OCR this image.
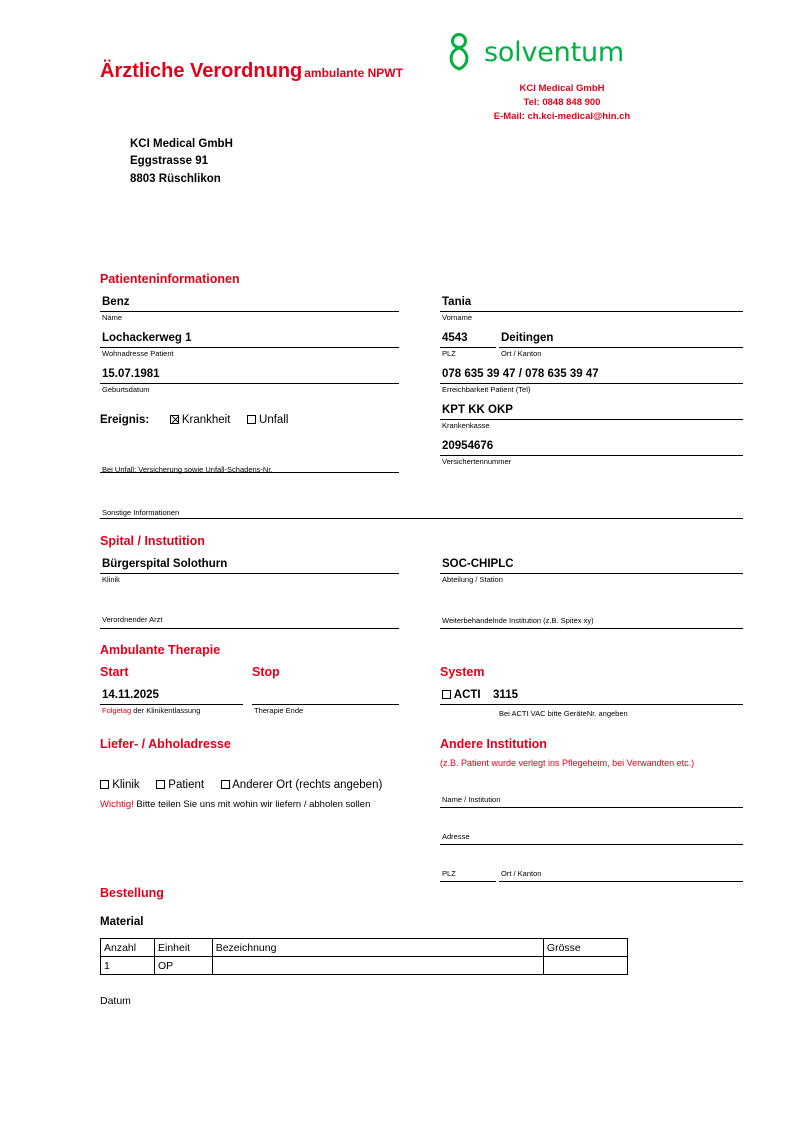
Ärztliche Verordnung ambulante NPWT
solventum
KCI Medical GmbH
Tel: 0848 848 900
E-Mail: ch.kci-medical@hin.ch
KCI Medical GmbH
Eggstrasse 91
8803 Rüschlikon
Patienteninformationen
Benz
Name
Lochackerweg 1
Wohnadresse Patient
15.07.1981
Geburtsdatum
Ereignis:	Krankheit Unfall
Bei Unfall; Versicherung sowie Unfall-Schadens-Nr.
Sonstige Informationen
Tania
Vorname
4543
PLZ
Deitingen
Ort / Kanton
078 635 39 47 / 078 635 39 47
Erreichbarkeit Patient (Tel)
KPT KK OKP
Krankenkasse
20954676
Versichertennummer
Spital / Instutition
Bürgerspital Solothurn
Klinik
Verordnender Arzt
SOC-CHIPLC
Abteilung / Station
Weiterbehandelnde Institution (z.B. Spitex xy)
Ambulante Therapie
Start	Stop	System
14.11.2025
Folgetag der Klinikentlassung	Therapie Ende
ACTI 3115
Bei ACTI VAC bitte GeräteNr. angeben
Liefer- / Abholadresse
Klinik Patient Anderer Ort (rechts angeben)
Wichtig! Bitte teilen Sie uns mit wohin wir liefern / abholen sollen
Andere Institution
(z.B. Patient wurde verlegt ins Pflegeheim, bei Verwandten etc.)
Name / Institution
Adresse
PLZ	Ort / Kanton
Bestellung
Material
Anzahl	Einheit	Bezeichnung	Grösse
1	OP		
Datum
